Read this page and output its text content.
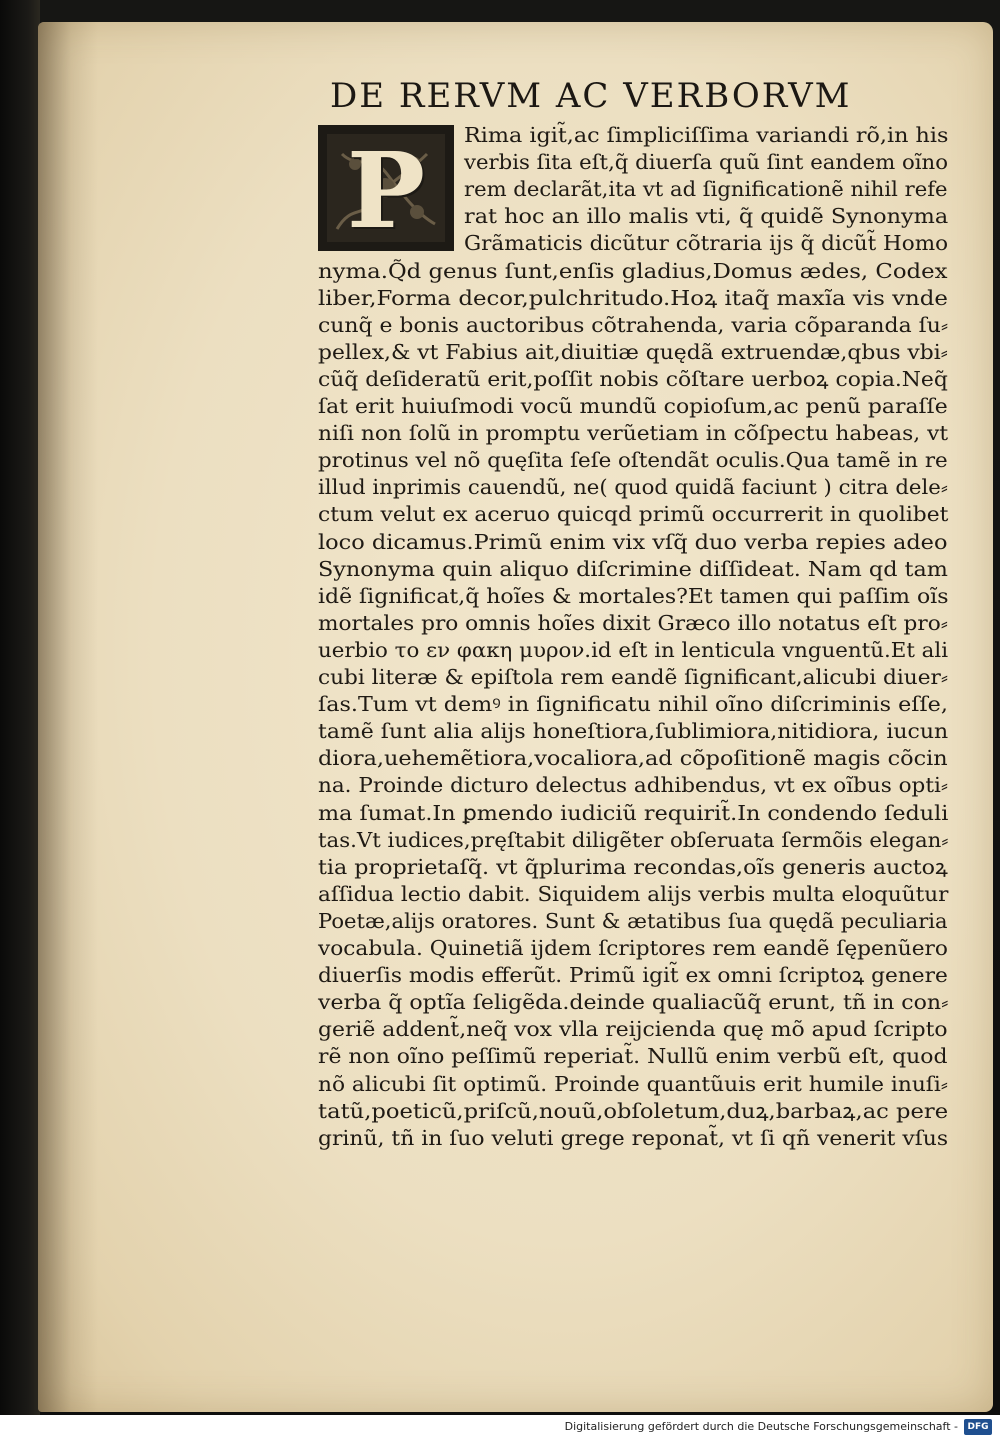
DE RERVM AC VERBORVM
P	Rima igit̃,ac ſimpliciſſima variandi rõ,in his
verbis ſita eſt,q̃ diuerſa quũ ſint eandem oĩno
rem declarãt,ita vt ad ſignificationẽ nihil refe
rat hoc an illo malis vti, q̃ quidẽ Synonyma
Grãmaticis dicũtur cõtraria ijs q̃ dicũt̃ Homo
nyma.Q̃d genus ſunt,enſis gladius,Domus ædes, Codex
liber,Forma decor,pulchritudo.Hoꝝ itaq̃ maxĩa vis vnde
cunq̃ e bonis auctoribus cõtrahenda, varia cõparanda ſu⸗
pellex,& vt Fabius ait,diuitiæ quędã extruendæ,qbus vbi⸗
cũq̃ deſideratũ erit,poſſit nobis cõſtare uerboꝝ copia.Neq̃
ſat erit huiuſmodi vocũ mundũ copioſum,ac penũ paraſſe
niſi non ſolũ in promptu verũetiam in cõſpectu habeas, vt
protinus vel nõ quęſita ſeſe oſtendãt oculis.Qua tamẽ in re
illud inprimis cauendũ, ne( quod quidã faciunt ) citra dele⸗
ctum velut ex aceruo quicqd primũ occurrerit in quolibet
loco dicamus.Primũ enim vix vſq̃ duo verba repies adeo
Synonyma quin aliquo diſcrimine diſſideat. Nam qd tam
idẽ ſignificat,q̃ hoĩes & mortales?Et tamen qui paſſim oĩs
mortales pro omnis hoĩes dixit Græco illo notatus eſt pro⸗
uerbio το εν φακη μυρον.id eſt in lenticula vnguentũ.Et ali
cubi literæ & epiſtola rem eandẽ ſignificant,alicubi diuer⸗
ſas.Tum vt demꝰ in ſignificatu nihil oĩno diſcriminis eſſe,
tamẽ ſunt alia alijs honeſtiora,ſublimiora,nitidiora, iucun
diora,uehemẽtiora,vocaliora,ad cõpoſitionẽ magis cõcin
na. Proinde dicturo delectus adhibendus, vt ex oĩbus opti⸗
ma ſumat.In ꝑmendo iudiciũ requirit̃.In condendo ſeduli
tas.Vt iudices,pręſtabit diligẽter obſeruata ſermõis elegan⸗
tia proprietaſq̃. vt q̃plurima recondas,oĩs generis auctoꝝ
aſſidua lectio dabit. Siquidem alijs verbis multa eloquũtur
Poetæ,alijs oratores. Sunt & ætatibus ſua quędã peculiaria
vocabula. Quinetiã ijdem ſcriptores rem eandẽ ſępenũero
diuerſis modis efferũt. Primũ igit̃ ex omni ſcriptoꝝ genere
verba q̃ optĩa ſeligẽda.deinde qualiacũq̃ erunt, tñ in con⸗
geriẽ addent̃,neq̃ vox vlla reijcienda quę mõ apud ſcripto
rẽ non oĩno peſſimũ reperiat̃. Nullũ enim verbũ eſt, quod
nõ alicubi ſit optimũ. Proinde quantũuis erit humile inuſi⸗
tatũ,poeticũ,priſcũ,nouũ,obſoletum,duꝝ,barbaꝝ,ac pere
grinũ, tñ in ſuo veluti grege reponat̃, vt ſi qñ venerit vſus
Digitalisierung gefördert durch die Deutsche Forschungsgemeinschaft -	DFG
